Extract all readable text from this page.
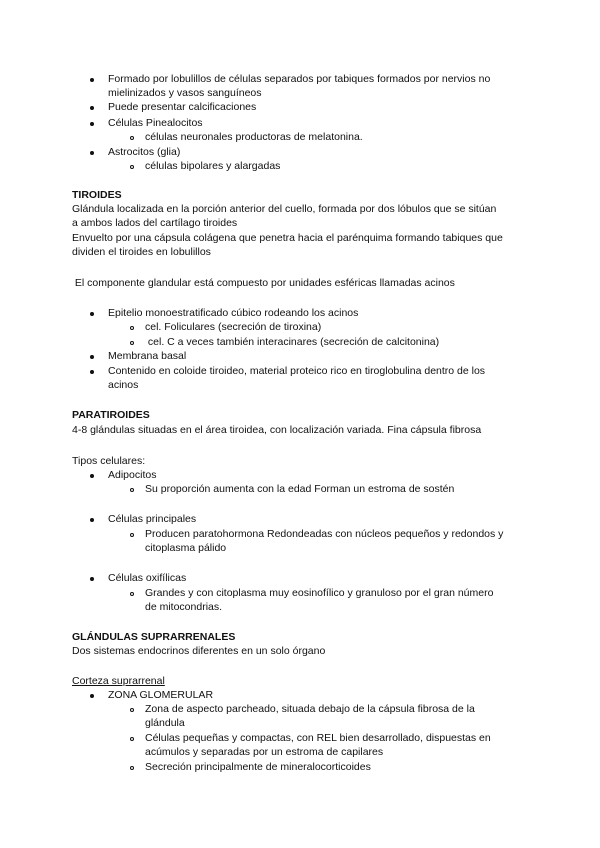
Formado por lobulillos de células separados por tabiques formados por nervios no
mielinizados y vasos sanguíneos
Puede presentar calcificaciones
Células Pinealocitos
células neuronales productoras de melatonina.
Astrocitos (glia)
células bipolares y alargadas
TIROIDES
Glándula localizada en la porción anterior del cuello, formada por dos lóbulos que se sitúan
a ambos lados del cartílago tiroides
Envuelto por una cápsula colágena que penetra hacia el parénquima formando tabiques que
dividen el tiroides en lobulillos
El componente glandular está compuesto por unidades esféricas llamadas acinos
Epitelio monoestratificado cúbico rodeando los acinos
cel. Foliculares (secreción de tiroxina)
cel. C a veces también interacinares (secreción de calcitonina)
Membrana basal
Contenido en coloide tiroideo, material proteico rico en tiroglobulina dentro de los
acinos
PARATIROIDES
4-8 glándulas situadas en el área tiroidea, con localización variada. Fina cápsula fibrosa
Tipos celulares:
Adipocitos
Su proporción aumenta con la edad Forman un estroma de sostén
Células principales
Producen paratohormona Redondeadas con núcleos pequeños y redondos y
citoplasma pálido
Células oxifílicas
Grandes y con citoplasma muy eosinofílico y granuloso por el gran número
de mitocondrias.
GLÁNDULAS SUPRARRENALES
Dos sistemas endocrinos diferentes en un solo órgano
Corteza suprarrenal
ZONA GLOMERULAR
Zona de aspecto parcheado, situada debajo de la cápsula fibrosa de la
glándula
Células pequeñas y compactas, con REL bien desarrollado, dispuestas en
acúmulos y separadas por un estroma de capilares
Secreción principalmente de mineralocorticoides
